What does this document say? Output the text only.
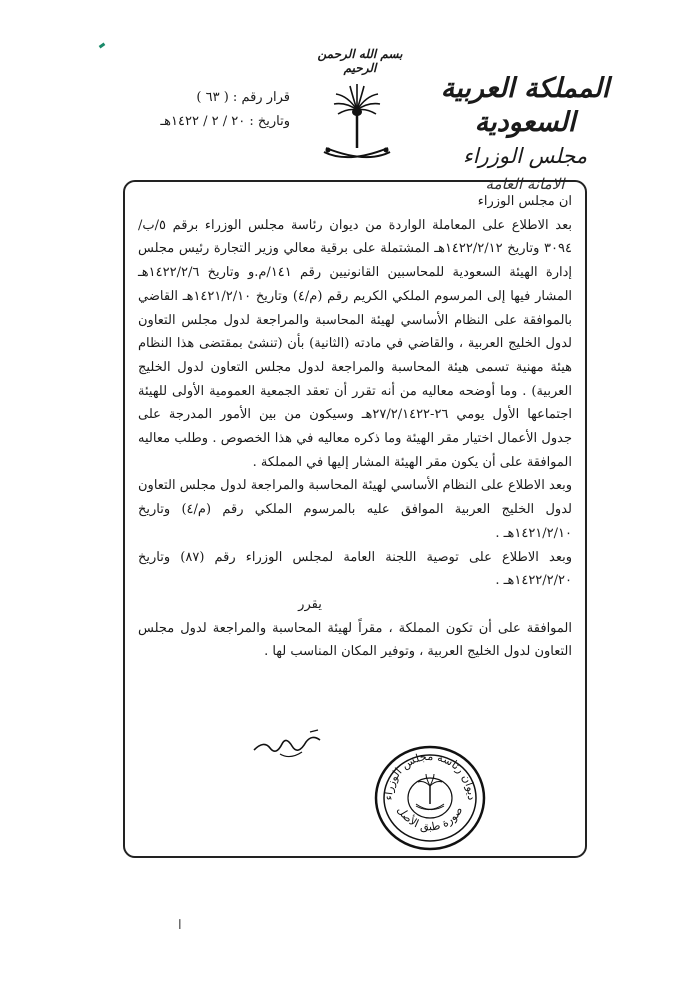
بسم الله الرحمن الرحيم
المملكة العربية السعودية
مجلس الوزراء
الامانة العامة
قرار رقم : ( ٦٣ )
وتاريخ : ٢٠ / ٢ / ١٤٢٢هـ

ان مجلس الوزراء

بعد الاطلاع على المعاملة الواردة من ديوان رئاسة مجلس الوزراء برقم ٥/ب/٣٠٩٤ وتاريخ ١٤٢٢/٢/١٢هـ المشتملة على برقية معالي وزير التجارة رئيس مجلس إدارة الهيئة السعودية للمحاسبين القانونيين رقم ١٤١/م.و وتاريخ ١٤٢٢/٢/٦هـ المشار فيها إلى المرسوم الملكي الكريم رقم (م/٤) وتاريخ ١٤٢١/٢/١٠هـ القاضي بالموافقة على النظام الأساسي لهيئة المحاسبة والمراجعة لدول مجلس التعاون لدول الخليج العربية ، والقاضي في مادته (الثانية) بأن (تنشئ بمقتضى هذا النظام هيئة مهنية تسمى هيئة المحاسبة والمراجعة لدول مجلس التعاون لدول الخليج العربية) . وما أوضحه معاليه من أنه تقرر أن تعقد الجمعية العمومية الأولى للهيئة اجتماعها الأول يومي ٢٦-٢٧/٢/١٤٢٢هـ وسيكون من بين الأمور المدرجة على جدول الأعمال اختيار مقر الهيئة وما ذكره معاليه في هذا الخصوص . وطلب معاليه الموافقة على أن يكون مقر الهيئة المشار إليها في المملكة .

وبعد الاطلاع على النظام الأساسي لهيئة المحاسبة والمراجعة لدول مجلس التعاون لدول الخليج العربية الموافق عليه بالمرسوم الملكي رقم (م/٤) وتاريخ ١٤٢١/٢/١٠هـ .

وبعد الاطلاع على توصية اللجنة العامة لمجلس الوزراء رقم (٨٧) وتاريخ ١٤٢٢/٢/٢٠هـ .

يقرر

الموافقة على أن تكون المملكة ، مقراً لهيئة المحاسبة والمراجعة لدول مجلس التعاون لدول الخليج العربية ، وتوفير المكان المناسب لها .

ديوان رئاسة مجلس الوزراء
صورة طبق الأصل
ا
